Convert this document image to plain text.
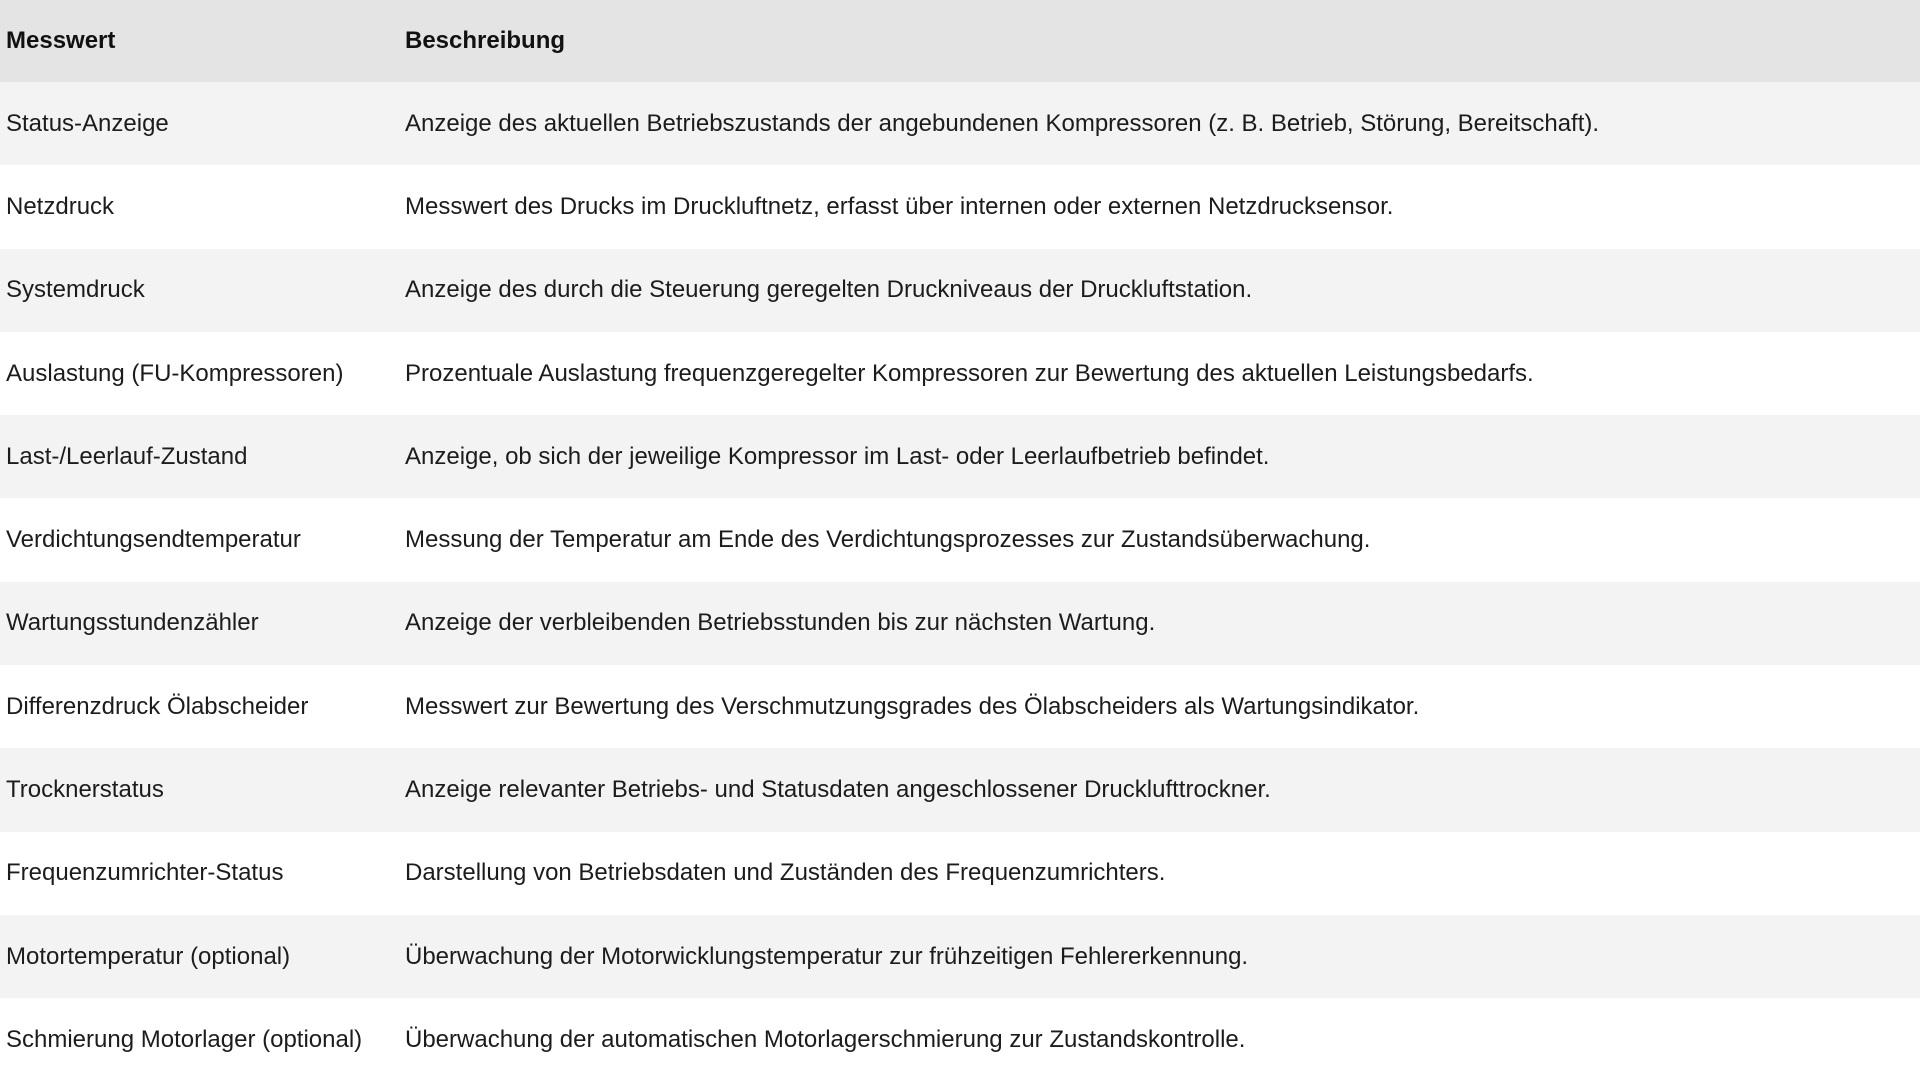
Messwert	Beschreibung
Status-Anzeige	Anzeige des aktuellen Betriebszustands der angebundenen Kompressoren (z. B. Betrieb, Störung, Bereitschaft).
Netzdruck	Messwert des Drucks im Druckluftnetz, erfasst über internen oder externen Netzdrucksensor.
Systemdruck	Anzeige des durch die Steuerung geregelten Druckniveaus der Druckluftstation.
Auslastung (FU-Kompressoren)	Prozentuale Auslastung frequenzgeregelter Kompressoren zur Bewertung des aktuellen Leistungsbedarfs.
Last-/Leerlauf-Zustand	Anzeige, ob sich der jeweilige Kompressor im Last- oder Leerlaufbetrieb befindet.
Verdichtungsendtemperatur	Messung der Temperatur am Ende des Verdichtungsprozesses zur Zustandsüberwachung.
Wartungsstundenzähler	Anzeige der verbleibenden Betriebsstunden bis zur nächsten Wartung.
Differenzdruck Ölabscheider	Messwert zur Bewertung des Verschmutzungsgrades des Ölabscheiders als Wartungsindikator.
Trocknerstatus	Anzeige relevanter Betriebs- und Statusdaten angeschlossener Drucklufttrockner.
Frequenzumrichter-Status	Darstellung von Betriebsdaten und Zuständen des Frequenzumrichters.
Motortemperatur (optional)	Überwachung der Motorwicklungstemperatur zur frühzeitigen Fehlererkennung.
Schmierung Motorlager (optional)	Überwachung der automatischen Motorlagerschmierung zur Zustandskontrolle.
